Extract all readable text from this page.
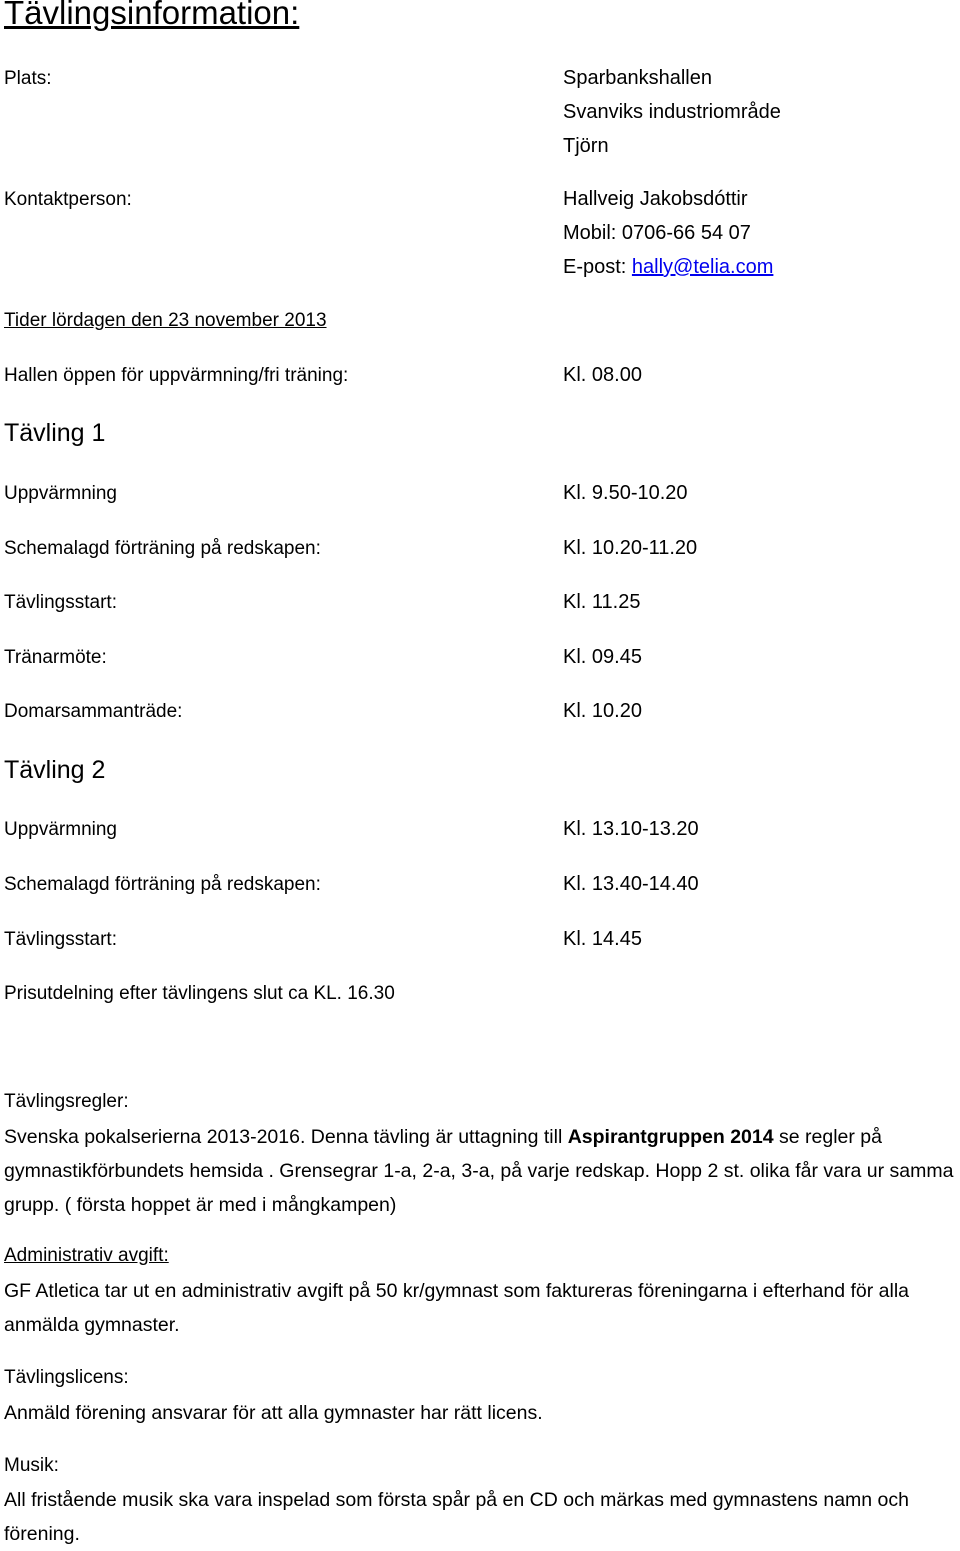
Tävlingsinformation:
Plats:	Sparbankshallen
Svanviks industriområde
Tjörn
Kontaktperson:	Hallveig Jakobsdóttir
Mobil: 0706-66 54 07
E-post: hally@telia.com
Tider lördagen den 23 november 2013
Hallen öppen för uppvärmning/fri träning:	Kl. 08.00
Tävling 1
Uppvärmning	Kl. 9.50-10.20
Schemalagd förträning på redskapen:	Kl. 10.20-11.20
Tävlingsstart:	Kl. 11.25
Tränarmöte:	Kl. 09.45
Domarsammanträde:	Kl. 10.20
Tävling 2
Uppvärmning	Kl. 13.10-13.20
Schemalagd förträning på redskapen:	Kl. 13.40-14.40
Tävlingsstart:	Kl. 14.45
Prisutdelning efter tävlingens slut ca KL. 16.30
Tävlingsregler:
Svenska pokalserierna 2013-2016. Denna tävling är uttagning till Aspirantgruppen 2014 se regler på gymnastikförbundets hemsida . Grensegrar 1-a, 2-a, 3-a, på varje redskap. Hopp 2 st. olika får vara ur samma grupp. ( första hoppet är med i mångkampen)
Administrativ avgift:
GF Atletica tar ut en administrativ avgift på 50 kr/gymnast som faktureras föreningarna i efterhand för alla anmälda gymnaster.
Tävlingslicens:
Anmäld förening ansvarar för att alla gymnaster har rätt licens.
Musik:
All fristående musik ska vara inspelad som första spår på en CD och märkas med gymnastens namn och förening.
